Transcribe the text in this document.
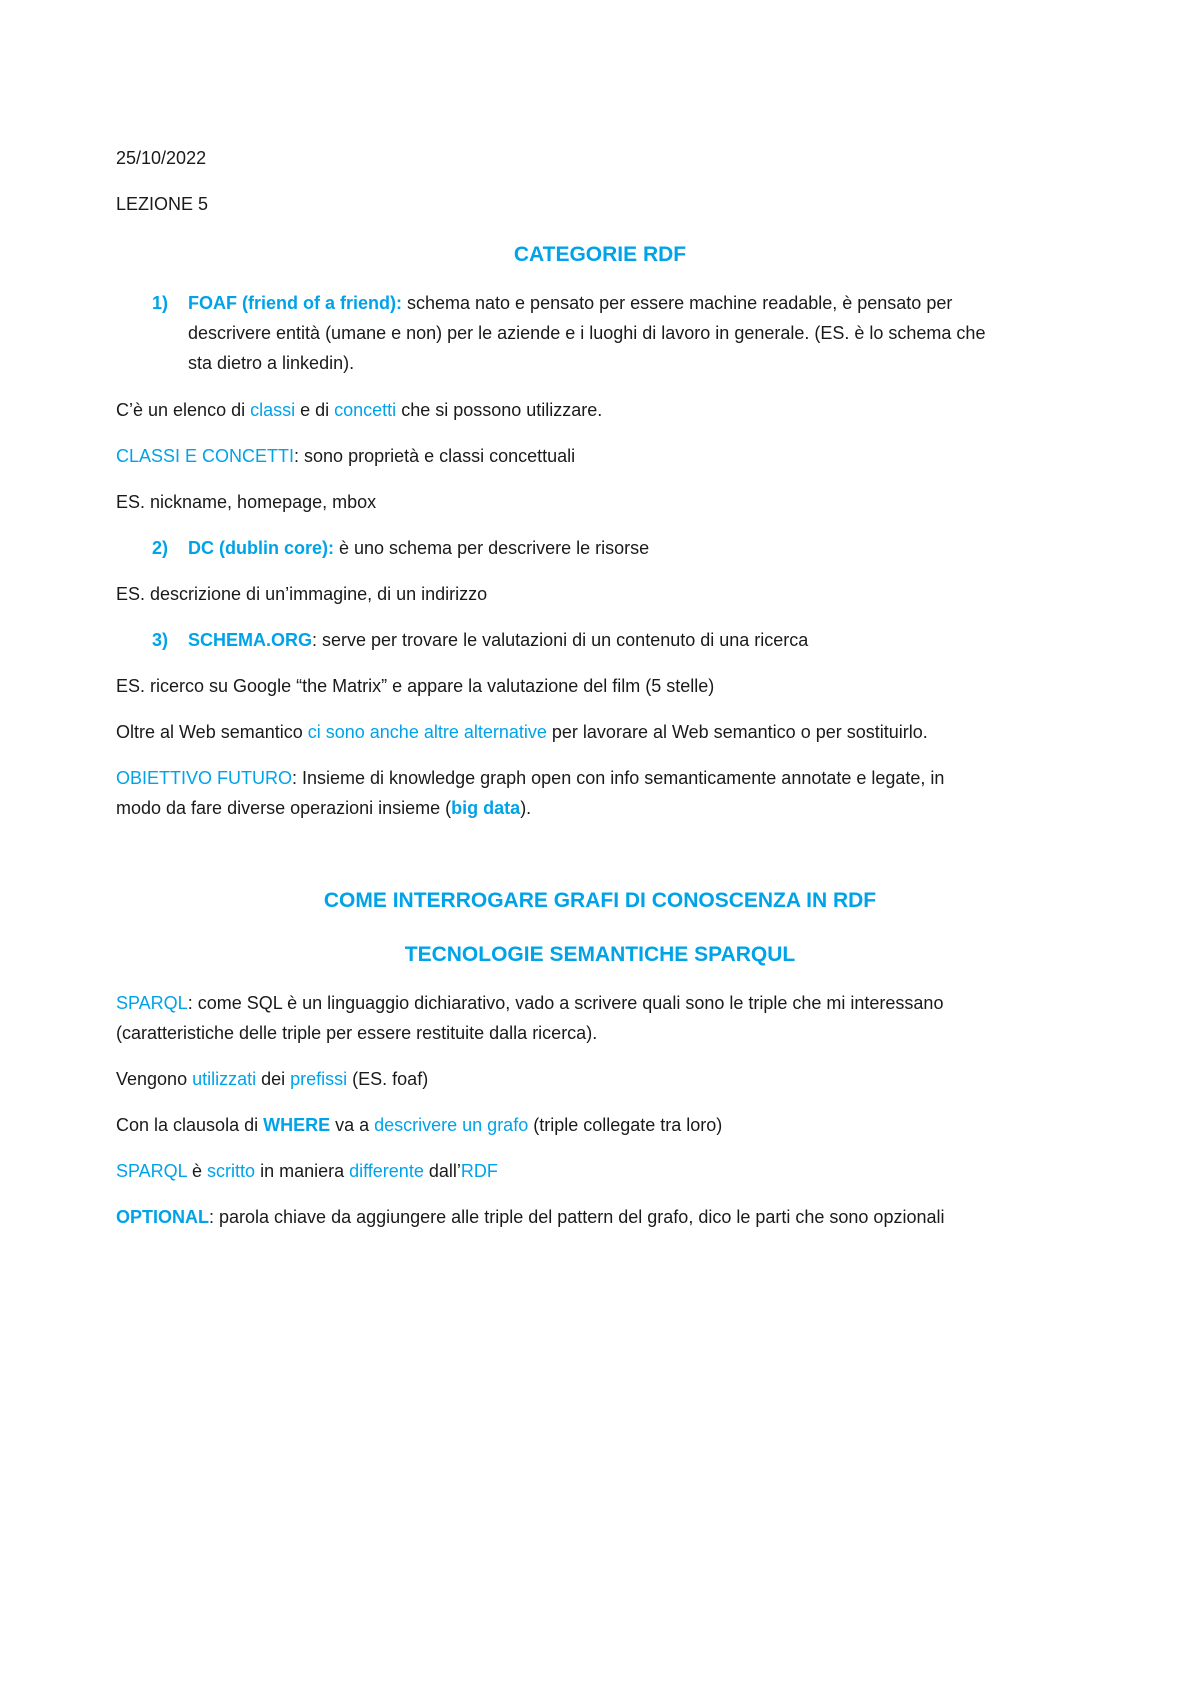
25/10/2022
LEZIONE 5
CATEGORIE RDF
1) FOAF (friend of a friend): schema nato e pensato per essere machine readable, è pensato per
descrivere entità (umane e non) per le aziende e i luoghi di lavoro in generale. (ES. è lo schema che
sta dietro a linkedin).
C’è un elenco di classi e di concetti che si possono utilizzare.
CLASSI E CONCETTI: sono proprietà e classi concettuali
ES. nickname, homepage, mbox
2) DC (dublin core): è uno schema per descrivere le risorse
ES. descrizione di un’immagine, di un indirizzo
3) SCHEMA.ORG: serve per trovare le valutazioni di un contenuto di una ricerca
ES. ricerco su Google “the Matrix” e appare la valutazione del film (5 stelle)
Oltre al Web semantico ci sono anche altre alternative per lavorare al Web semantico o per sostituirlo.
OBIETTIVO FUTURO: Insieme di knowledge graph open con info semanticamente annotate e legate, in
modo da fare diverse operazioni insieme (big data).
COME INTERROGARE GRAFI DI CONOSCENZA IN RDF
TECNOLOGIE SEMANTICHE SPARQUL
SPARQL: come SQL è un linguaggio dichiarativo, vado a scrivere quali sono le triple che mi interessano
(caratteristiche delle triple per essere restituite dalla ricerca).
Vengono utilizzati dei prefissi (ES. foaf)
Con la clausola di WHERE va a descrivere un grafo (triple collegate tra loro)
SPARQL è scritto in maniera differente dall’RDF
OPTIONAL: parola chiave da aggiungere alle triple del pattern del grafo, dico le parti che sono opzionali
